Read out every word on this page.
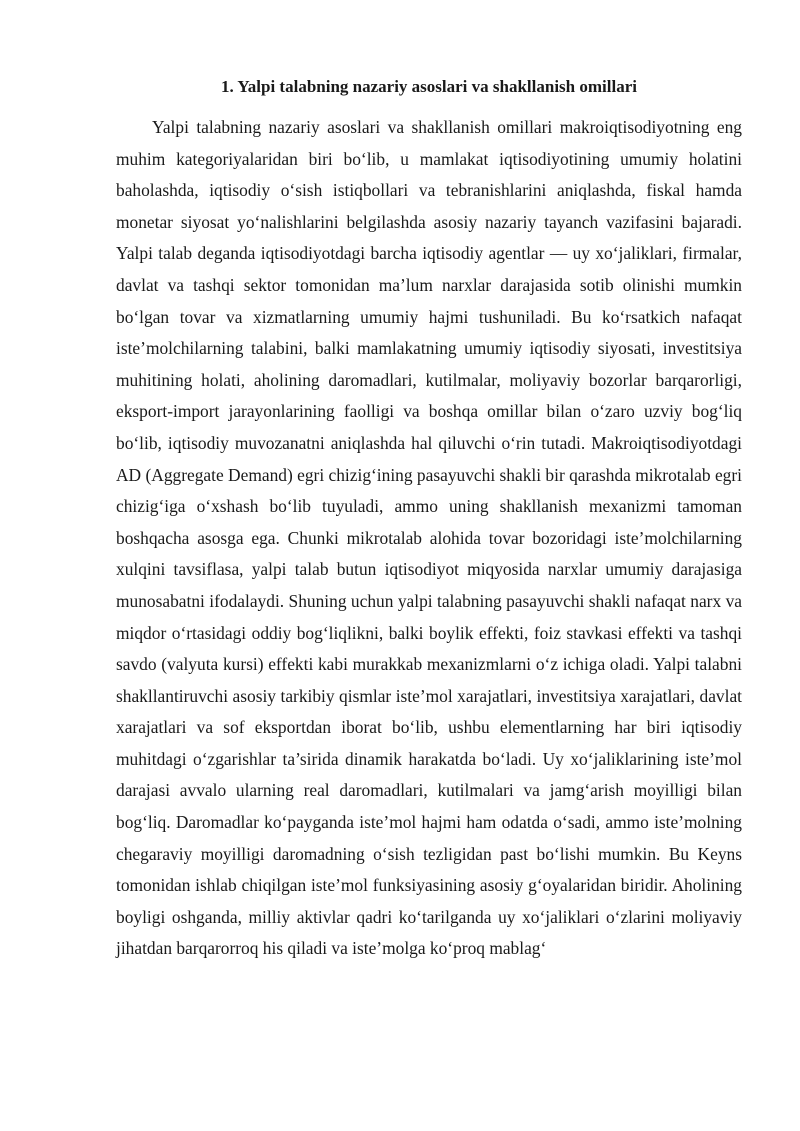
1. Yalpi talabning nazariy asoslari va shakllanish omillari

Yalpi talabning nazariy asoslari va shakllanish omillari makroiqtisodiyotning eng muhim kategoriyalaridan biri bo‘lib, u mamlakat iqtisodiyotining umumiy holatini baholashda, iqtisodiy o‘sish istiqbollari va tebranishlarini aniqlashda, fiskal hamda monetar siyosat yo‘nalishlarini belgilashda asosiy nazariy tayanch vazifasini bajaradi. Yalpi talab deganda iqtisodiyotdagi barcha iqtisodiy agentlar — uy xo‘jaliklari, firmalar, davlat va tashqi sektor tomonidan ma’lum narxlar darajasida sotib olinishi mumkin bo‘lgan tovar va xizmatlarning umumiy hajmi tushuniladi. Bu ko‘rsatkich nafaqat iste’molchilarning talabini, balki mamlakatning umumiy iqtisodiy siyosati, investitsiya muhitining holati, aholining daromadlari, kutilmalar, moliyaviy bozorlar barqarorligi, eksport-import jarayonlarining faolligi va boshqa omillar bilan o‘zaro uzviy bog‘liq bo‘lib, iqtisodiy muvozanatni aniqlashda hal qiluvchi o‘rin tutadi. Makroiqtisodiyotdagi AD (Aggregate Demand) egri chizig‘ining pasayuvchi shakli bir qarashda mikrotalab egri chizig‘iga o‘xshash bo‘lib tuyuladi, ammo uning shakllanish mexanizmi tamoman boshqacha asosga ega. Chunki mikrotalab alohida tovar bozoridagi iste’molchilarning xulqini tavsiflasa, yalpi talab butun iqtisodiyot miqyosida narxlar umumiy darajasiga munosabatni ifodalaydi. Shuning uchun yalpi talabning pasayuvchi shakli nafaqat narx va miqdor o‘rtasidagi oddiy bog‘liqlikni, balki boylik effekti, foiz stavkasi effekti va tashqi savdo (valyuta kursi) effekti kabi murakkab mexanizmlarni o‘z ichiga oladi. Yalpi talabni shakllantiruvchi asosiy tarkibiy qismlar iste’mol xarajatlari, investitsiya xarajatlari, davlat xarajatlari va sof eksportdan iborat bo‘lib, ushbu elementlarning har biri iqtisodiy muhitdagi o‘zgarishlar ta’sirida dinamik harakatda bo‘ladi. Uy xo‘jaliklarining iste’mol darajasi avvalo ularning real daromadlari, kutilmalari va jamg‘arish moyilligi bilan bog‘liq. Daromadlar ko‘payganda iste’mol hajmi ham odatda o‘sadi, ammo iste’molning chegaraviy moyilligi daromadning o‘sish tezligidan past bo‘lishi mumkin. Bu Keyns tomonidan ishlab chiqilgan iste’mol funksiyasining asosiy g‘oyalaridan biridir. Aholining boyligi oshganda, milliy aktivlar qadri ko‘tarilganda uy xo‘jaliklari o‘zlarini moliyaviy jihatdan barqarorroq his qiladi va iste’molga ko‘proq mablag‘
